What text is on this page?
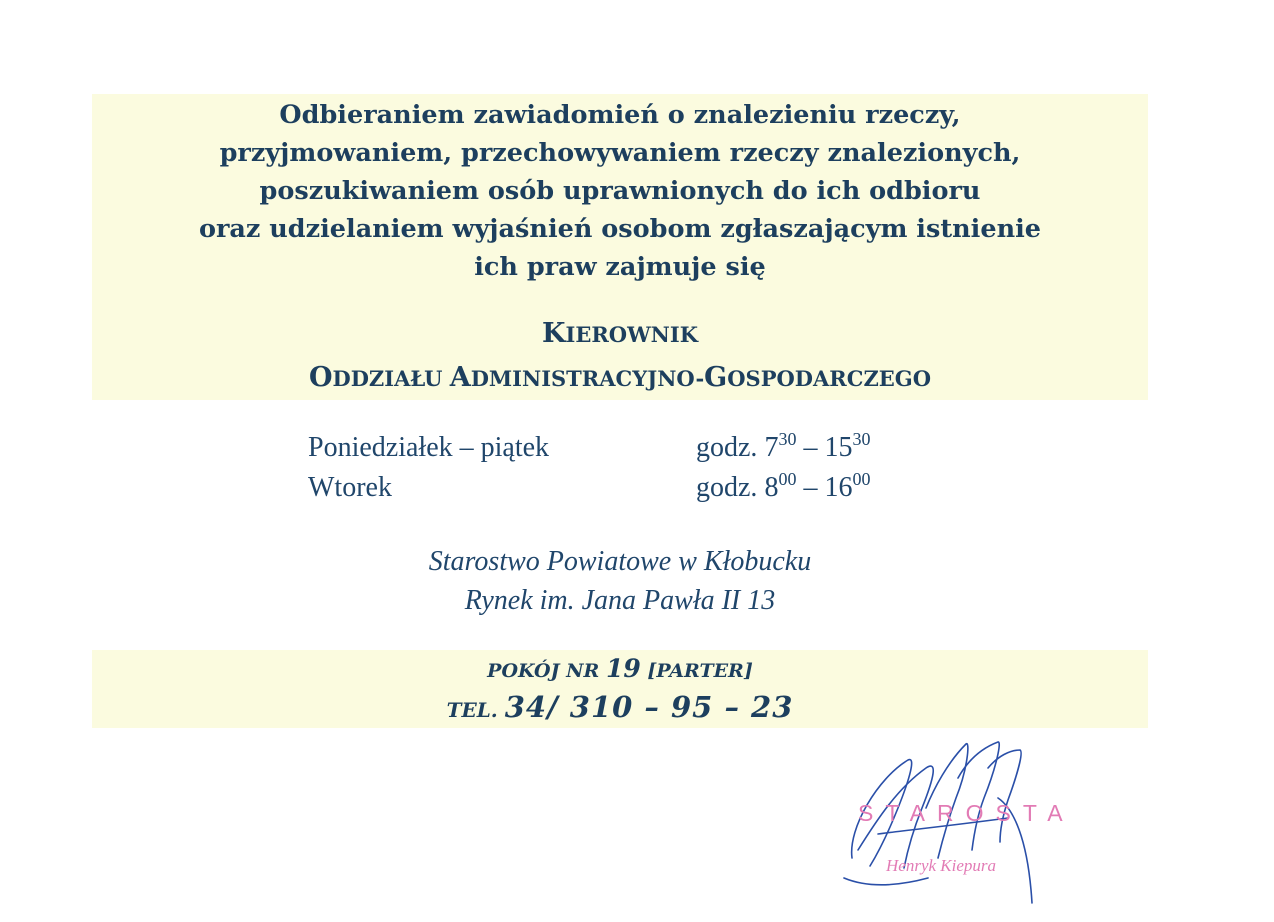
Odbieraniem zawiadomień o znalezieniu rzeczy,
przyjmowaniem, przechowywaniem rzeczy znalezionych,
poszukiwaniem osób uprawnionych do ich odbioru
oraz udzielaniem wyjaśnień osobom zgłaszającym istnienie
ich praw zajmuje się
KIEROWNIK
ODDZIAŁU ADMINISTRACYJNO-GOSPODARCZEGO
Poniedziałek – piątek	godz. $7^{30} - 15^{30}$
Wtorek	godz. $8^{00} - 16^{00}$
Starostwo Powiatowe w Kłobucku
Rynek im. Jana Pawła II 13
POKÓJ NR 19 [PARTER]
TEL. 34/ 310 – 95 – 23
STAROSTA
Henryk Kiepura
